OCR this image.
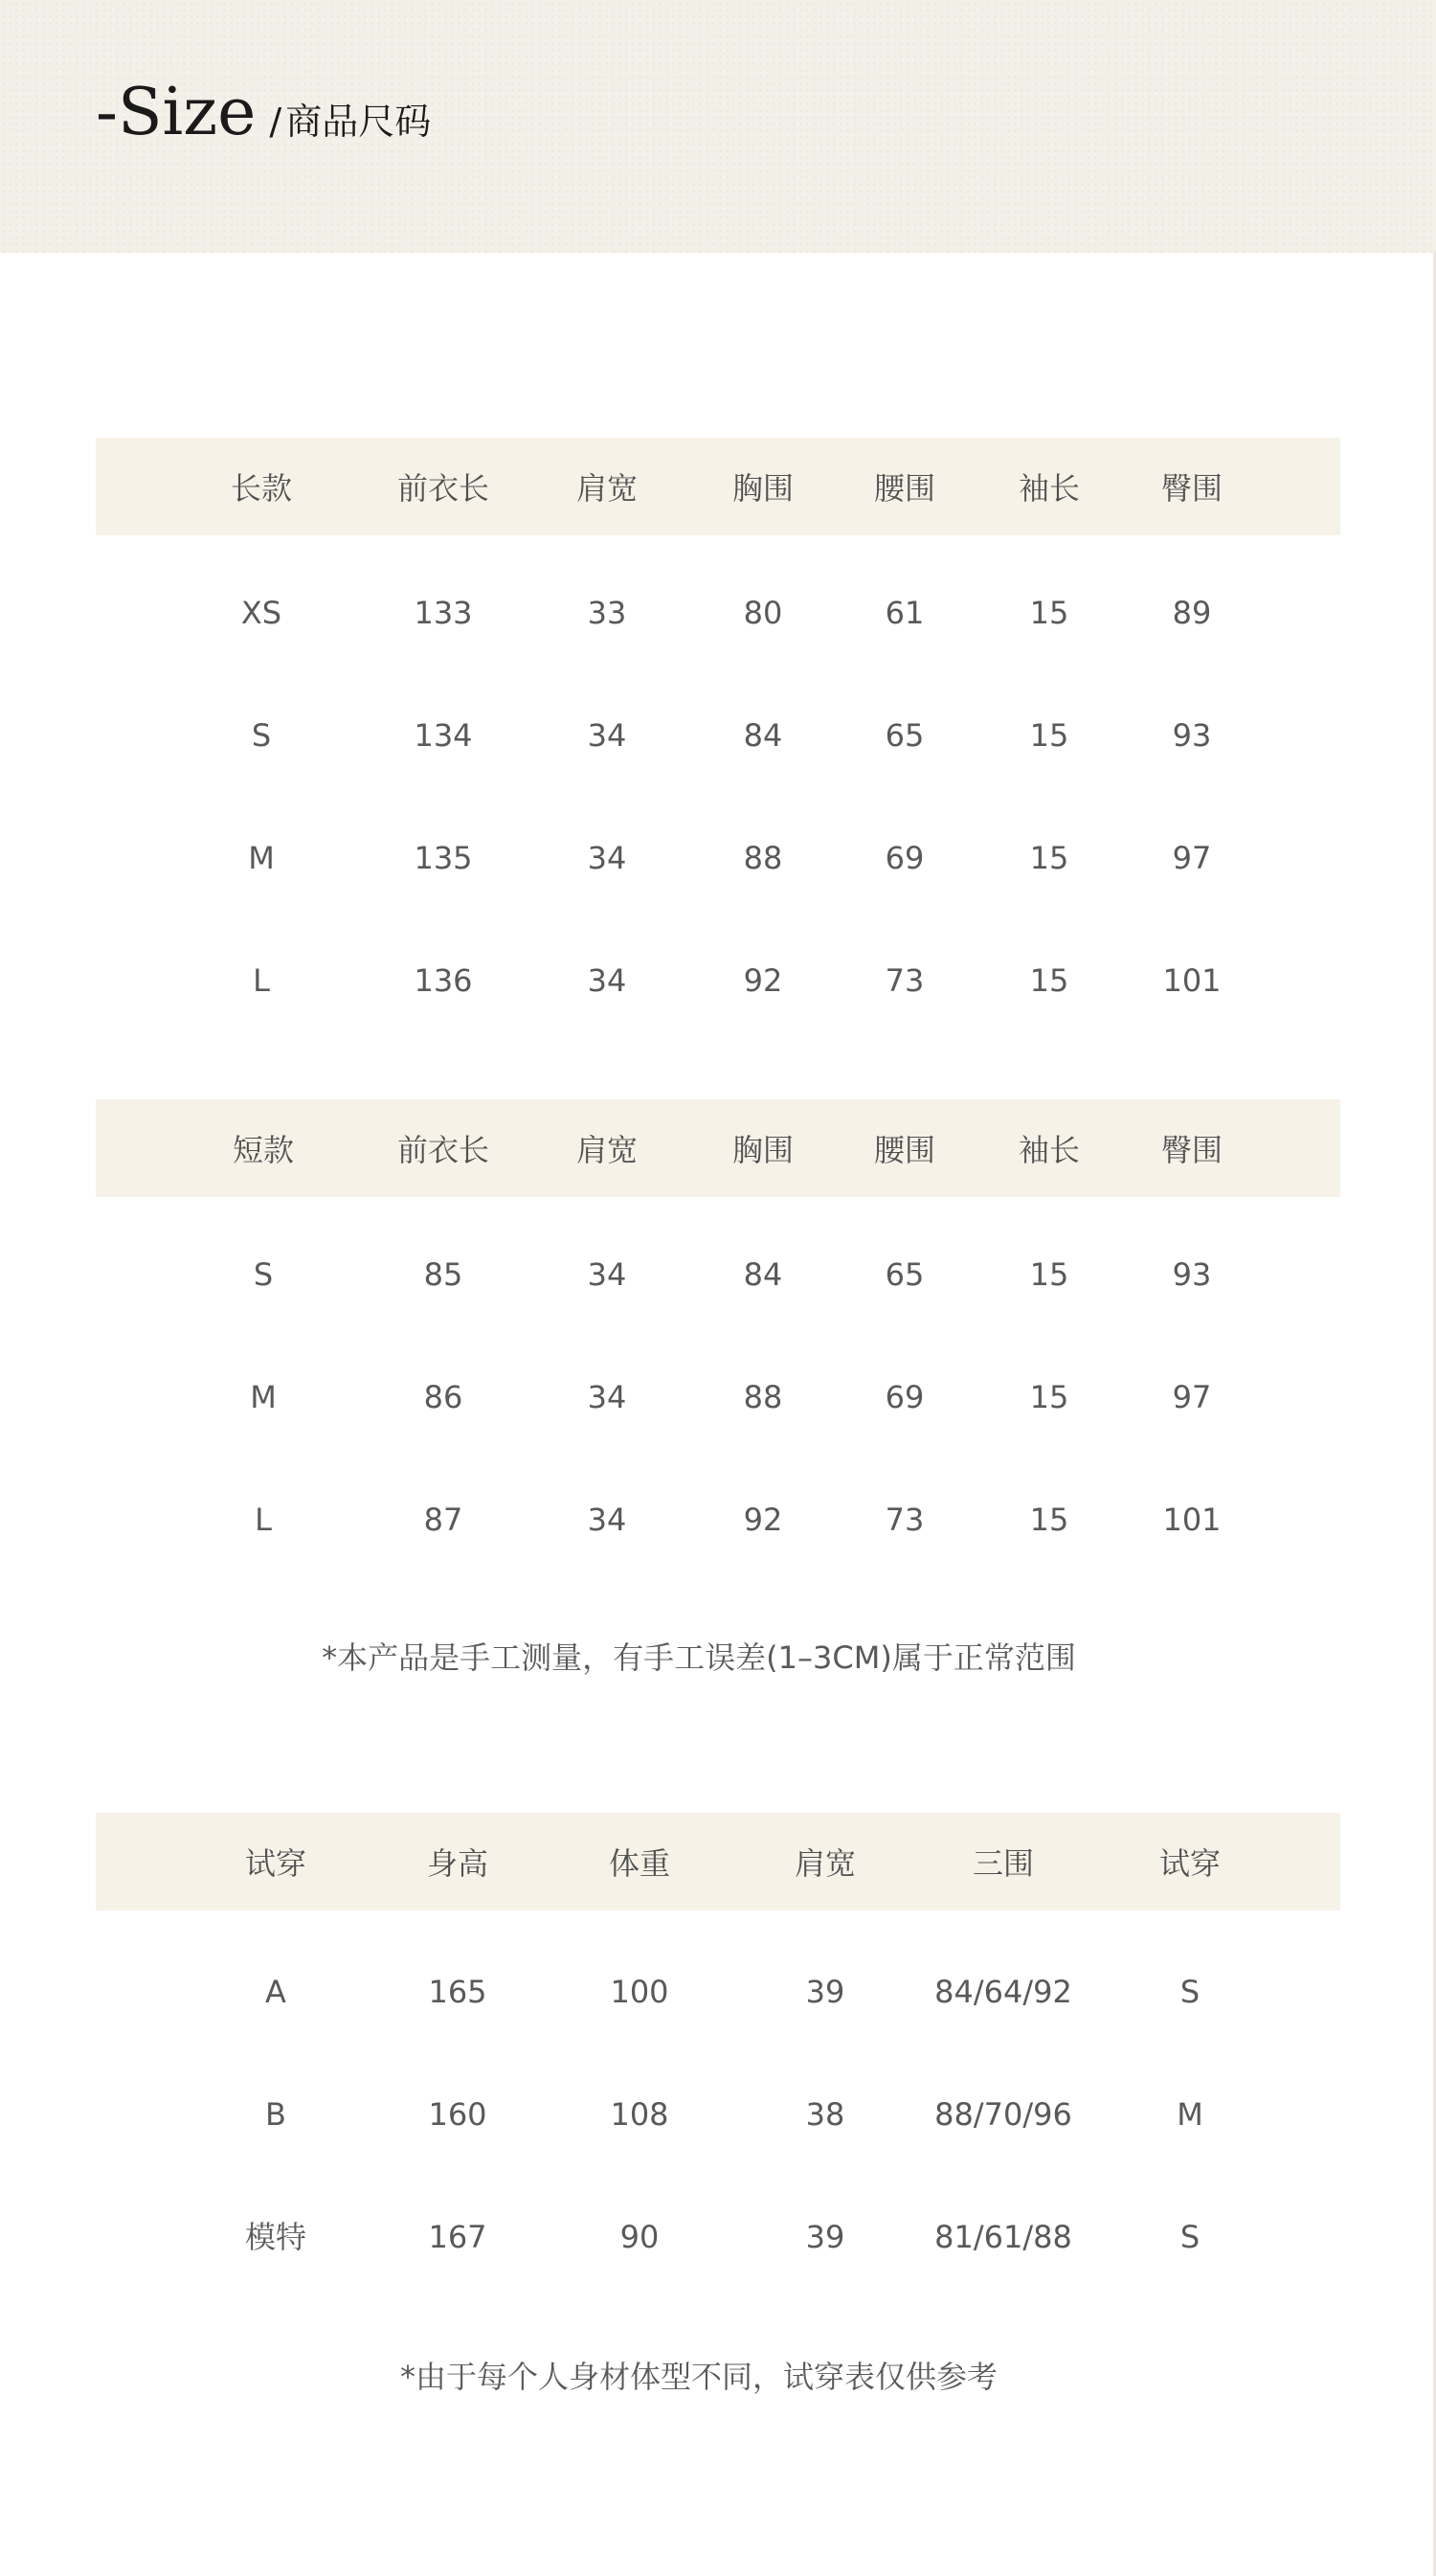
-Size / 商品尺码
长款	前衣长	肩宽	胸围	腰围	袖长	臀围
XS	133	33	80	61	15	89
S	134	34	84	65	15	93
M	135	34	88	69	15	97
L	136	34	92	73	15	101
短款	前衣长	肩宽	胸围	腰围	袖长	臀围
S	85	34	84	65	15	93
M	86	34	88	69	15	97
L	87	34	92	73	15	101
*本产品是手工测量，有手工误差(1–3CM)属于正常范围
试穿	身高	体重	肩宽	三围	试穿
A	165	100	39	84/64/92	S
B	160	108	38	88/70/96	M
模特	167	90	39	81/61/88	S
*由于每个人身材体型不同，试穿表仅供参考
